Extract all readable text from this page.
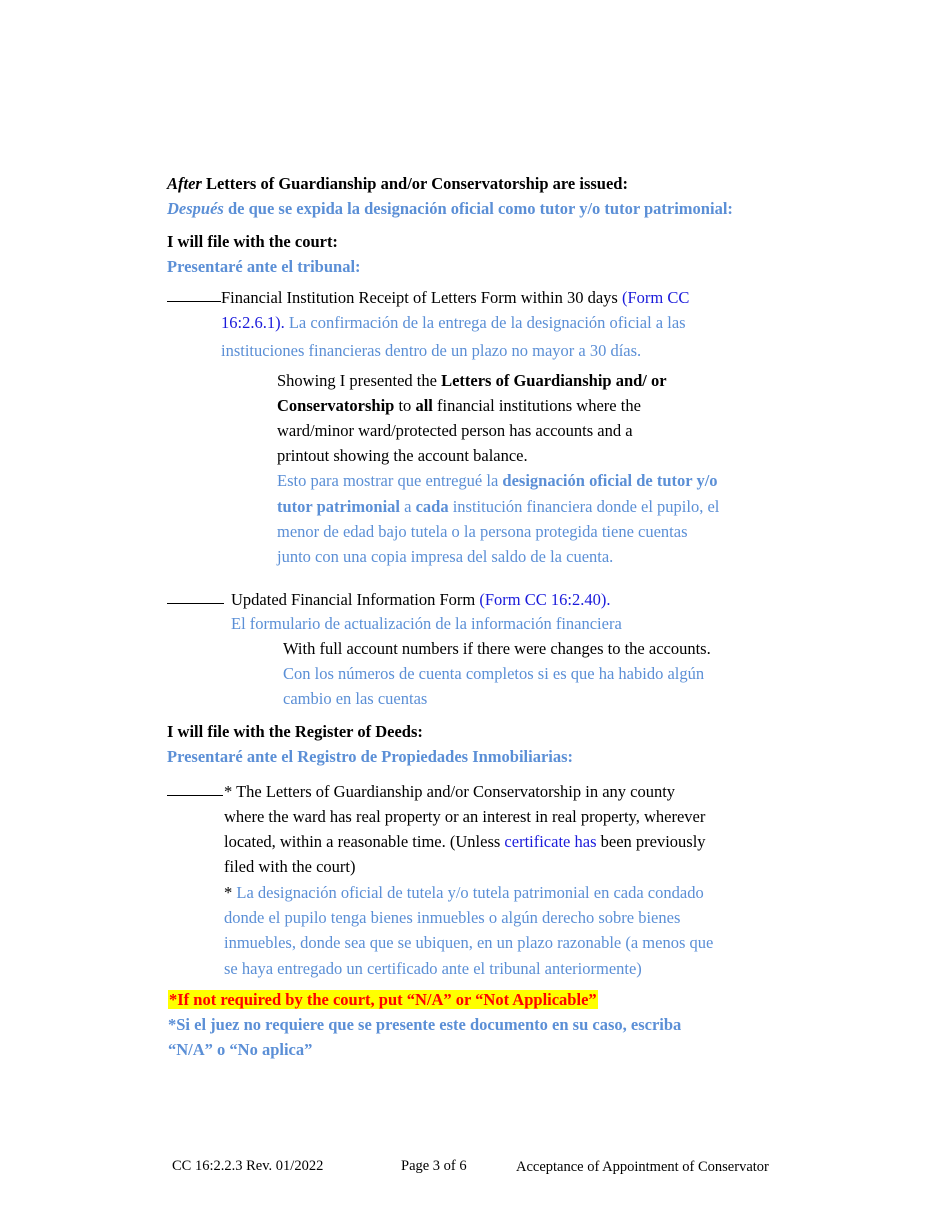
After Letters of Guardianship and/or Conservatorship are issued:
Después de que se expida la designación oficial como tutor y/o tutor patrimonial:
I will file with the court:
Presentaré ante el tribunal:
Financial Institution Receipt of Letters Form within 30 days (Form CC
16:2.6.1). La confirmación de la entrega de la designación oficial a las
instituciones financieras dentro de un plazo no mayor a 30 días.
Showing I presented the Letters of Guardianship and/ or
Conservatorship to all financial institutions where the
ward/minor ward/protected person has accounts and a
printout showing the account balance.
Esto para mostrar que entregué la designación oficial de tutor y/o
tutor patrimonial a cada institución financiera donde el pupilo, el
menor de edad bajo tutela o la persona protegida tiene cuentas
junto con una copia impresa del saldo de la cuenta.
Updated Financial Information Form (Form CC 16:2.40).
El formulario de actualización de la información financiera
With full account numbers if there were changes to the accounts.
Con los números de cuenta completos si es que ha habido algún
cambio en las cuentas
I will file with the Register of Deeds:
Presentaré ante el Registro de Propiedades Inmobiliarias:
* The Letters of Guardianship and/or Conservatorship in any county
where the ward has real property or an interest in real property, wherever
located, within a reasonable time. (Unless certificate has been previously
filed with the court)
* La designación oficial de tutela y/o tutela patrimonial en cada condado
donde el pupilo tenga bienes inmuebles o algún derecho sobre bienes
inmuebles, donde sea que se ubiquen, en un plazo razonable (a menos que
se haya entregado un certificado ante el tribunal anteriormente)
*If not required by the court, put “N/A” or “Not Applicable”
*Si el juez no requiere que se presente este documento en su caso, escriba
“N/A” o “No aplica”
CC 16:2.2.3 Rev. 01/2022	Page 3 of 6	Acceptance of Appointment of Conservator
